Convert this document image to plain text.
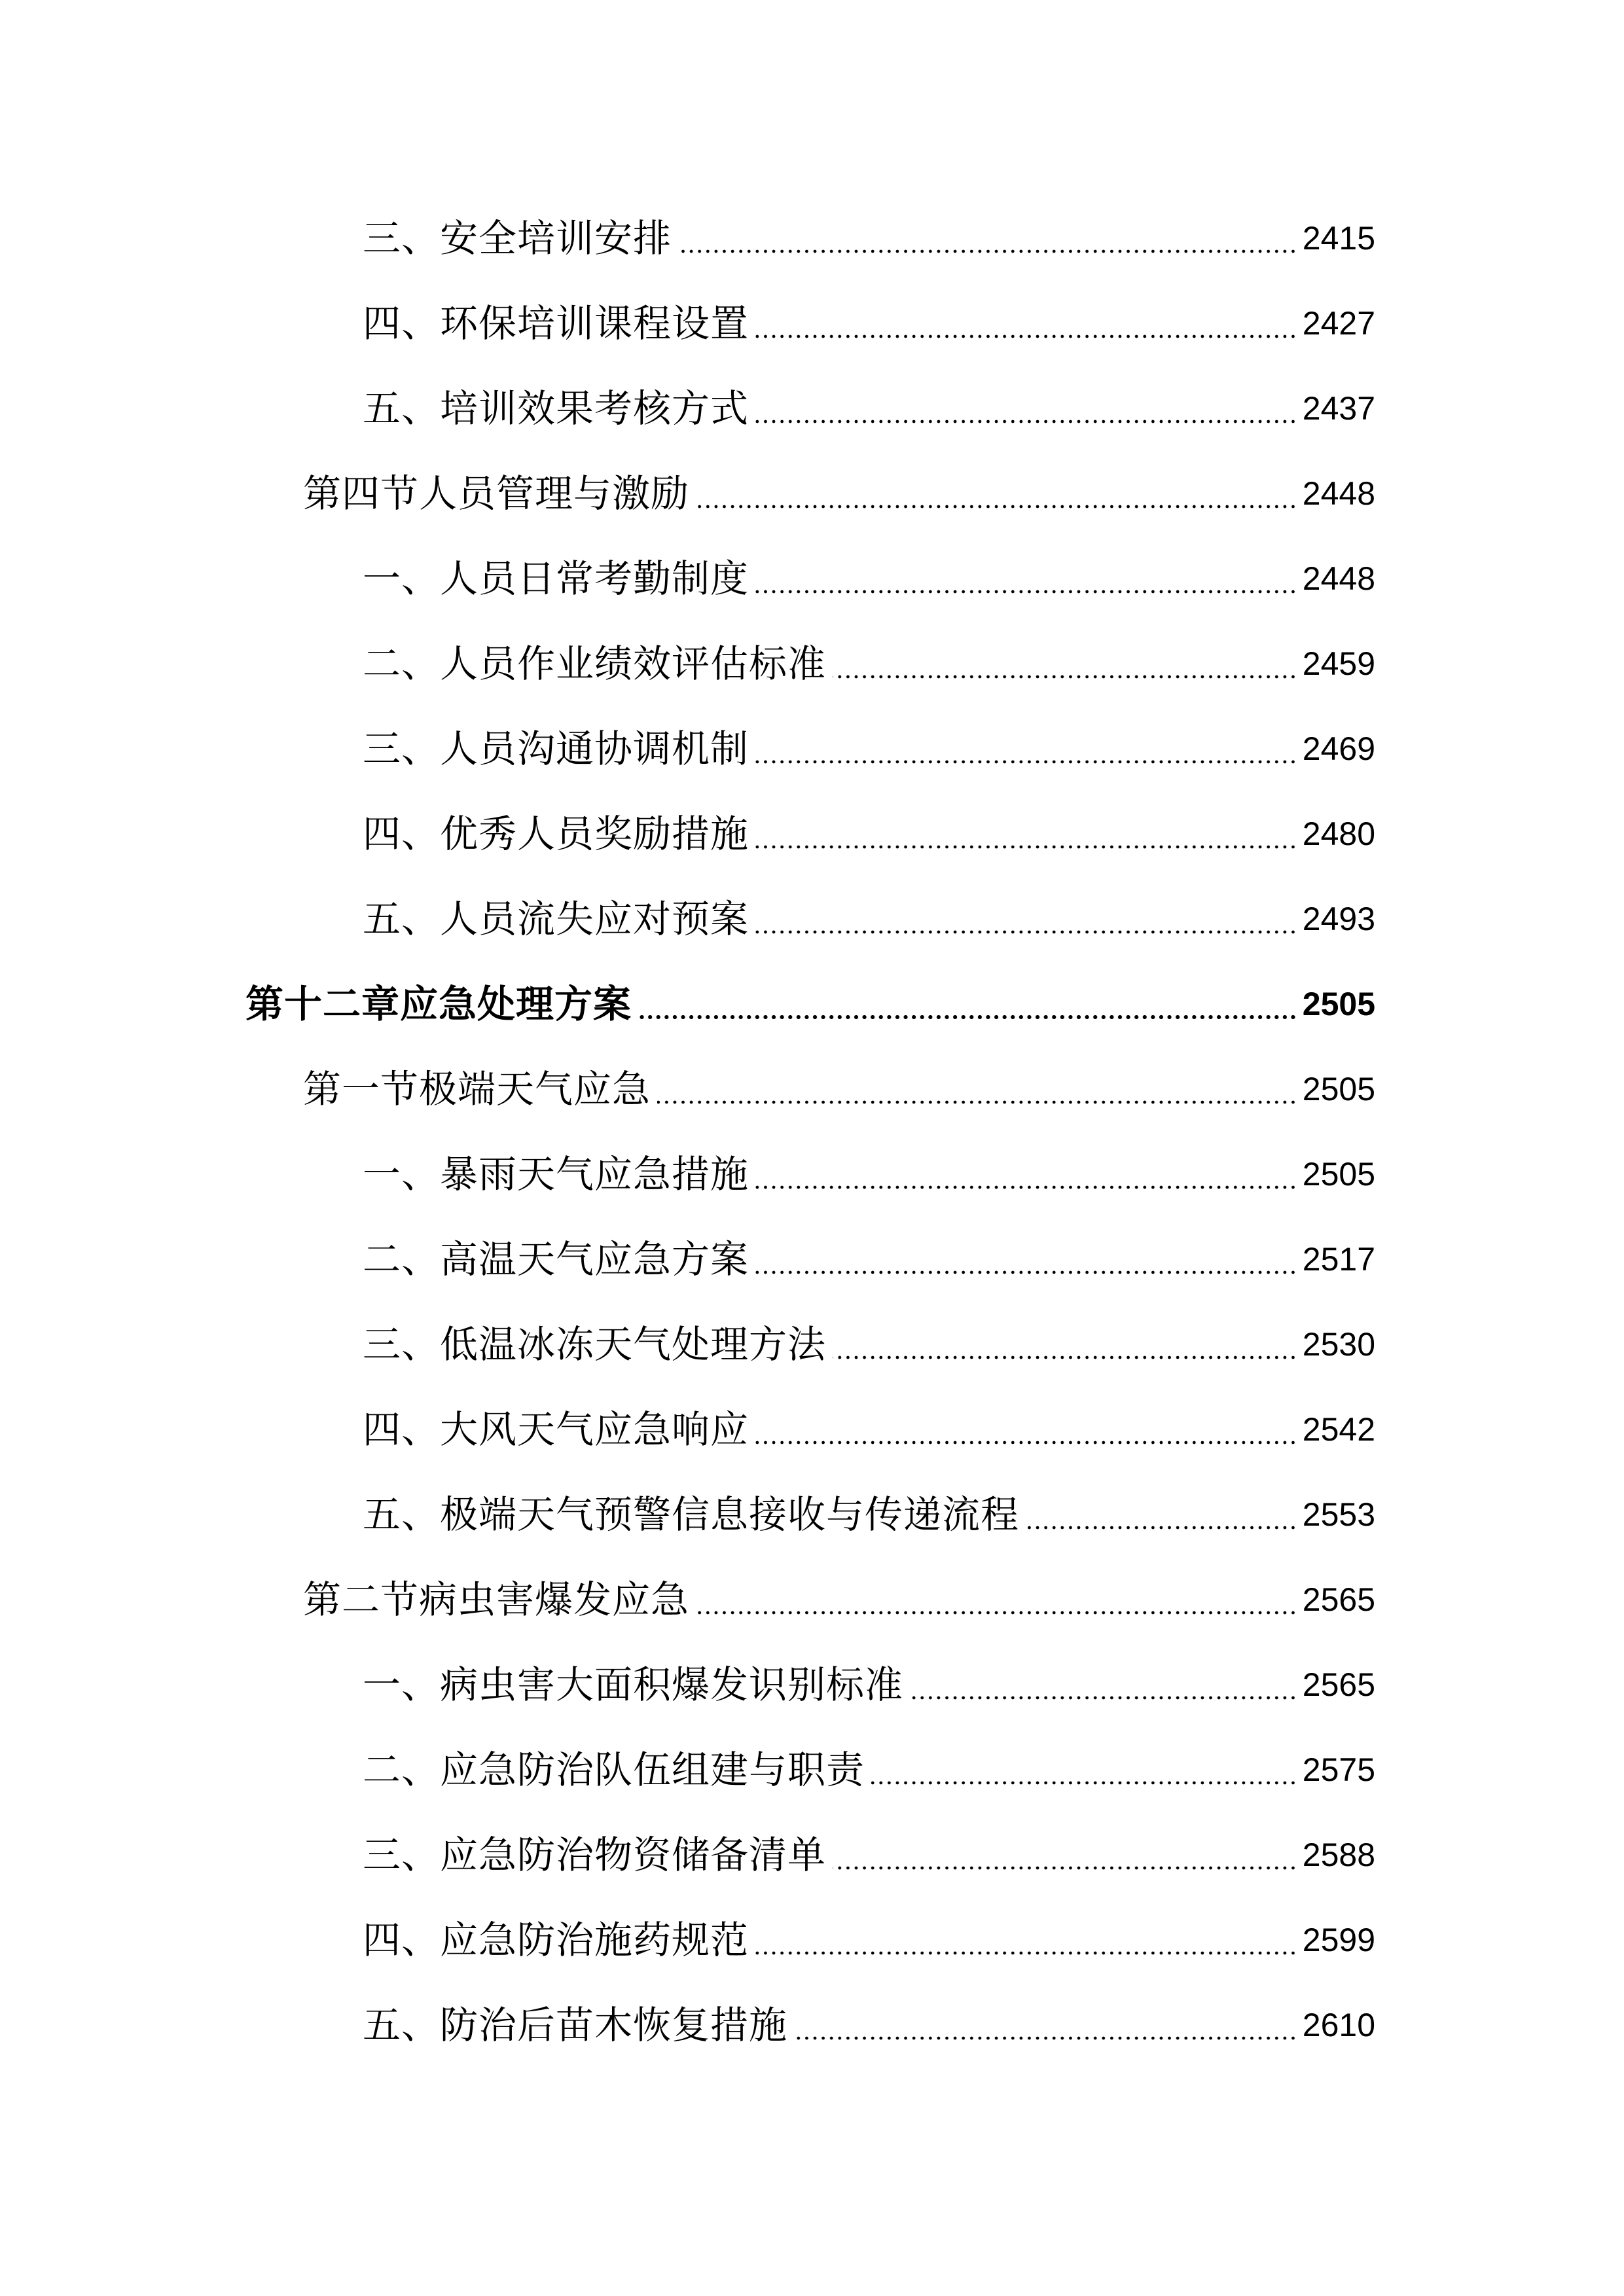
三、安全培训安排	2415
四、环保培训课程设置	2427
五、培训效果考核方式	2437
第四节人员管理与激励	2448
一、人员日常考勤制度	2448
二、人员作业绩效评估标准	2459
三、人员沟通协调机制	2469
四、优秀人员奖励措施	2480
五、人员流失应对预案	2493
第十二章应急处理方案	2505
第一节极端天气应急	2505
一、暴雨天气应急措施	2505
二、高温天气应急方案	2517
三、低温冰冻天气处理方法	2530
四、大风天气应急响应	2542
五、极端天气预警信息接收与传递流程	2553
第二节病虫害爆发应急	2565
一、病虫害大面积爆发识别标准	2565
二、应急防治队伍组建与职责	2575
三、应急防治物资储备清单	2588
四、应急防治施药规范	2599
五、防治后苗木恢复措施	2610
